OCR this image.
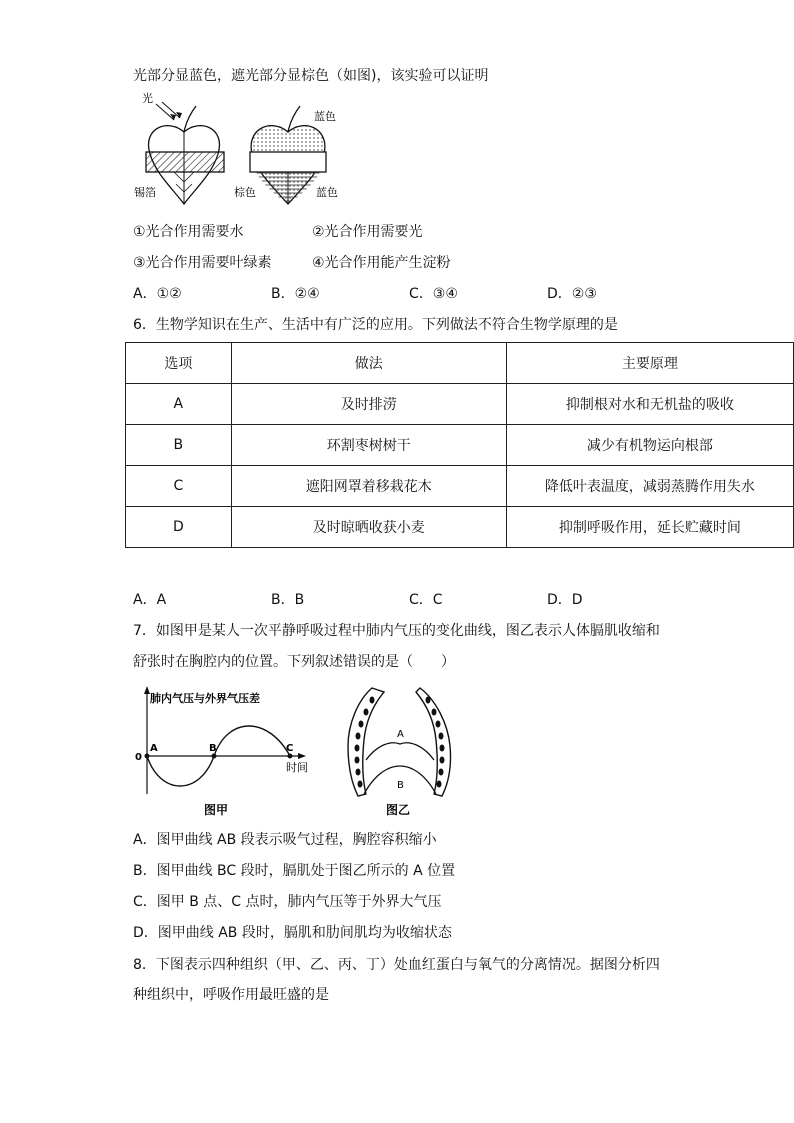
光部分显蓝色，遮光部分显棕色（如图)，该实验可以证明
锡箔
光
蓝色
棕色	蓝色
①光合作用需要水	②光合作用需要光
③光合作用需要叶绿素	④光合作用能产生淀粉
A．①②	B．②④	C．③④	D．②③
6．生物学知识在生产、生活中有广泛的应用。下列做法不符合生物学原理的是
选项	做法	主要原理
A	及时排涝	抑制根对水和无机盐的吸收
B	环割枣树树干	减少有机物运向根部
C	遮阳网罩着移栽花木	降低叶表温度，减弱蒸腾作用失水
D	及时晾晒收获小麦	抑制呼吸作用，延长贮藏时间
A．A	B．B	C．C	D．D
7．如图甲是某人一次平静呼吸过程中肺内气压的变化曲线，图乙表示人体膈肌收缩和
舒张时在胸腔内的位置。下列叙述错误的是（　　）
肺内气压与外界气压差
0
A	B	C
时间
图甲
A
B
图乙
A．图甲曲线 AB 段表示吸气过程，胸腔容积缩小
B．图甲曲线 BC 段时，膈肌处于图乙所示的 A 位置
C．图甲 B 点、C 点时，肺内气压等于外界大气压
D．图甲曲线 AB 段时，膈肌和肋间肌均为收缩状态
8．下图表示四种组织（甲、乙、丙、丁）处血红蛋白与氧气的分离情况。据图分析四
种组织中，呼吸作用最旺盛的是
